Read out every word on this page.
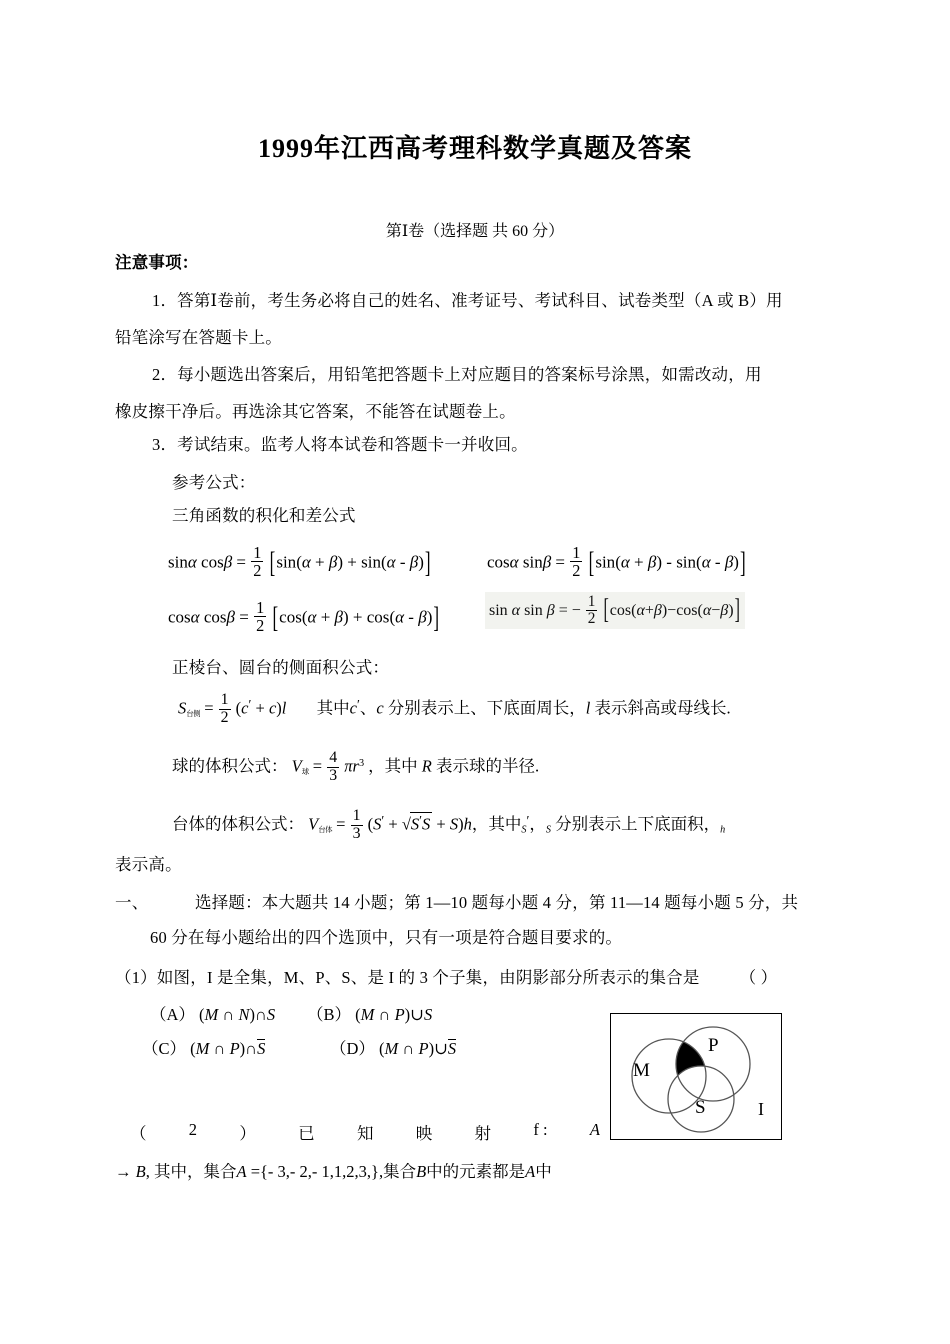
1999年江西高考理科数学真题及答案
第Ⅰ卷（选择题 共 60 分）
注意事项：
1．答第Ⅰ卷前，考生务必将自己的姓名、准考证号、考试科目、试卷类型（A 或 B）用
铅笔涂写在答题卡上。
2．每小题选出答案后，用铅笔把答题卡上对应题目的答案标号涂黑，如需改动，用
橡皮擦干净后。再选涂其它答案，不能答在试题卷上。
3．考试结束。监考人将本试卷和答题卡一并收回。
参考公式：
三角函数的积化和差公式
sinα $\cos\beta = \frac{1}{2} [\sin(\alpha + \beta) + \sin(\alpha - \beta)]$	cosα $\sin\beta = \frac{1}{2} [\sin(\alpha + \beta) - \sin(\alpha - \beta)]$
cosα $\cos\beta = \frac{1}{2} [\cos(\alpha + \beta) + \cos(\alpha - \beta)]$	sin α sin β = − $\frac{1}{2} [\cos(\alpha+\beta)-\cos(\alpha-\beta)]$
正棱台、圆台的侧面积公式：
$S_{台侧} = \frac{1}{2} (c' + c)l$ 其中c′、c 分别表示上、下底面周长，l 表示斜高或母线长.
球的体积公式： $V_球 = \frac{4}{3} \pi r^3$ ，其中 R 表示球的半径.
台体的体积公式： $V_{台体} = \frac{1}{3} (S' + √S'S + S)h$，其中S′，S 分别表示上下底面积，h
表示高。
一、	选择题：本大题共 14 小题；第 1—10 题每小题 4 分，第 11—14 题每小题 5 分，共
60 分在每小题给出的四个选顶中，只有一项是符合题目要求的。
（1）如图，I 是全集，M、P、S、是 I 的 3 个子集，由阴影部分所表示的集合是 （ ）
（A） (M ∩ N)∩S （B） (M ∩ P)∪S
（C） (M ∩ P)∩S	（D） (M ∩ P)∪S
M
P
S	I
（	2	）	已	知	映	射	f :	A
→ B, 其中，集合A ={- 3,- 2,- 1,1,2,3,},集合B中的元素都是A中
